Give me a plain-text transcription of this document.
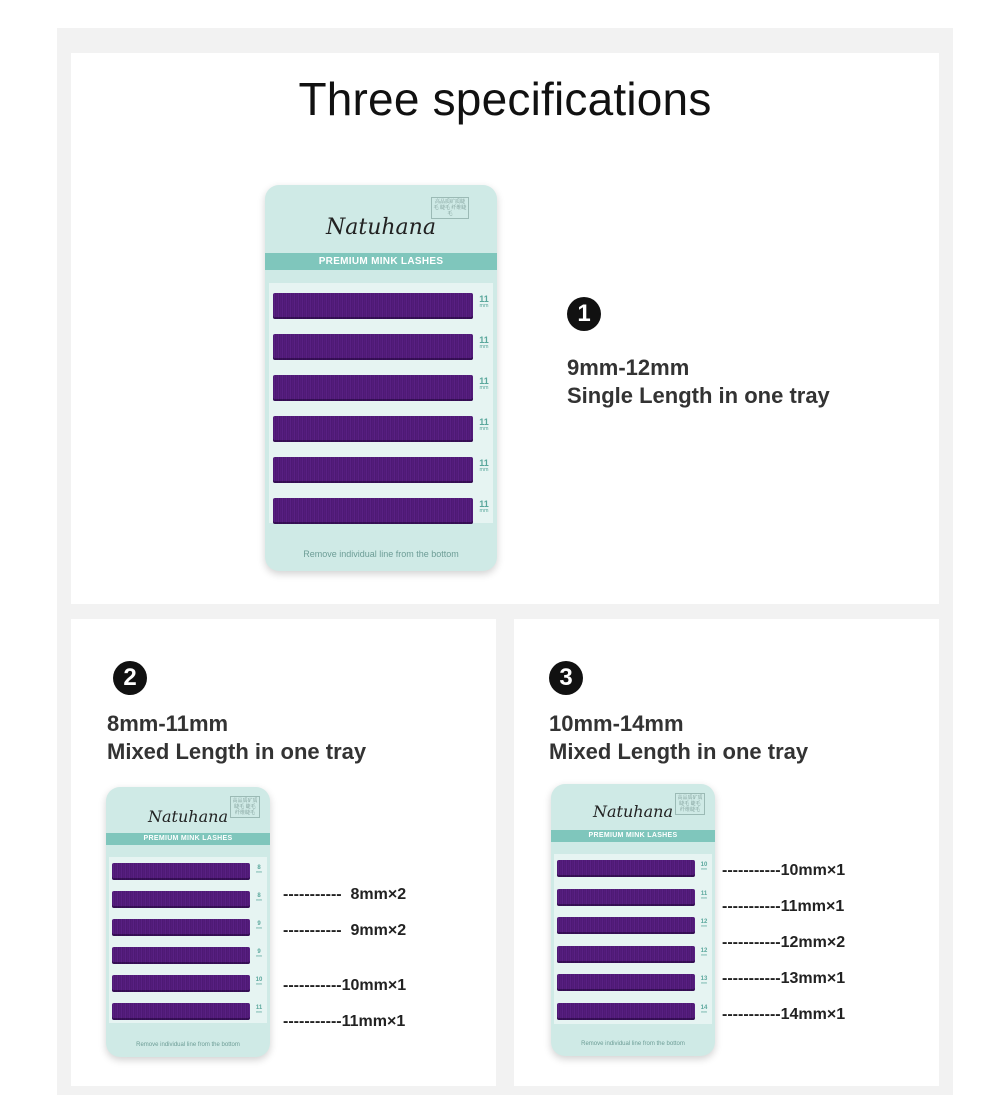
Three specifications
高品质矿质睫毛 睫毛 纤维睫毛
Natuhana
PREMIUM MINK LASHES
Remove individual line from the bottom
11
mm
11
mm
11
mm
11
mm
11
mm
11
mm
1
9mm-12mm
Single Length in one tray
2
8mm-11mm
Mixed Length in one tray
高品质矿质睫毛 睫毛 纤维睫毛
Natuhana
PREMIUM MINK LASHES
Remove individual line from the bottom
8
mm
8
mm
9
mm
9
mm
10
mm
11
mm
-----------  8mm×2
-----------  9mm×2
-----------10mm×1
-----------11mm×1
3
10mm-14mm
Mixed Length in one tray
高品质矿质睫毛 睫毛 纤维睫毛
Natuhana
PREMIUM MINK LASHES
Remove individual line from the bottom
10
mm
11
mm
12
mm
12
mm
13
mm
14
mm
-----------10mm×1
-----------11mm×1
-----------12mm×2
-----------13mm×1
-----------14mm×1
